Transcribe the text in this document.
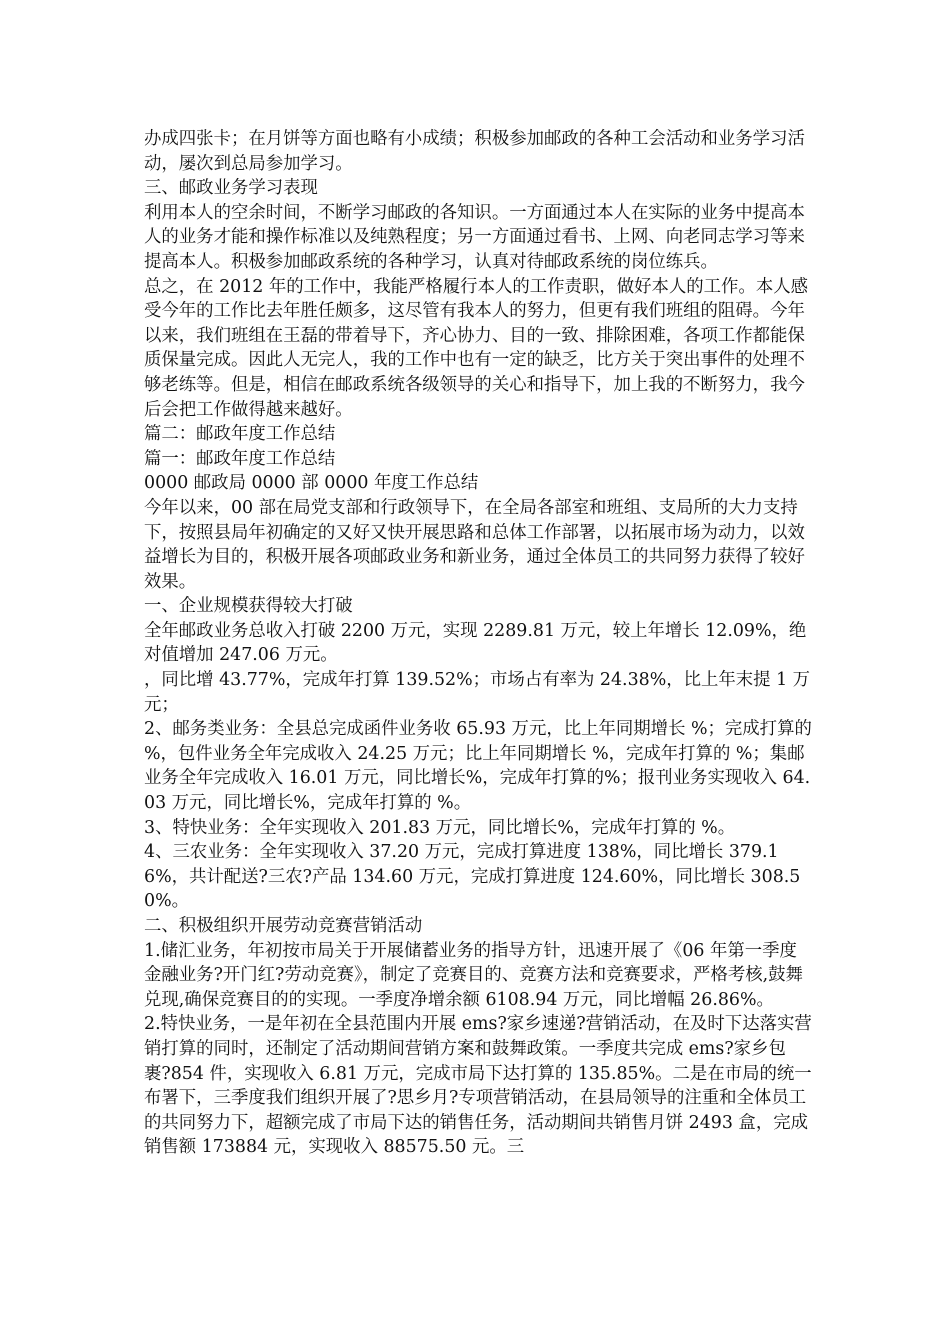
办成四张卡；在月饼等方面也略有小成绩；积极参加邮政的各种工会活动和业务学习活动，屡次到总局参加学习。

三、邮政业务学习表现

利用本人的空余时间，不断学习邮政的各知识。一方面通过本人在实际的业务中提高本人的业务才能和操作标准以及纯熟程度；另一方面通过看书、上网、向老同志学习等来提高本人。积极参加邮政系统的各种学习，认真对待邮政系统的岗位练兵。

总之，在 2012 年的工作中，我能严格履行本人的工作责职，做好本人的工作。本人感受今年的工作比去年胜任颇多，这尽管有我本人的努力，但更有我们班组的阻碍。今年以来，我们班组在王磊的带着导下，齐心协力、目的一致、排除困难，各项工作都能保质保量完成。因此人无完人，我的工作中也有一定的缺乏，比方关于突出事件的处理不够老练等。但是，相信在邮政系统各级领导的关心和指导下，加上我的不断努力，我今后会把工作做得越来越好。

篇二：邮政年度工作总结

篇一：邮政年度工作总结

0000 邮政局 0000 部 0000 年度工作总结

今年以来，00 部在局党支部和行政领导下，在全局各部室和班组、支局所的大力支持下，按照县局年初确定的又好又快开展思路和总体工作部署，以拓展市场为动力，以效益增长为目的，积极开展各项邮政业务和新业务，通过全体员工的共同努力获得了较好效果。

一、企业规模获得较大打破

全年邮政业务总收入打破 2200 万元，实现 2289.81 万元，较上年增长 12.09%，绝对值增加 247.06 万元。

，同比增 43.77%，完成年打算 139.52%；市场占有率为 24.38%，比上年末提 1 万元；

2、邮务类业务：全县总完成函件业务收 65.93 万元，比上年同期增长 %；完成打算的 %，包件业务全年完成收入 24.25 万元；比上年同期增长 %，完成年打算的 %；集邮业务全年完成收入 16.01 万元，同比增长%，完成年打算的%；报刊业务实现收入 64.03 万元，同比增长%，完成年打算的 %。

3、特快业务：全年实现收入 201.83 万元，同比增长%，完成年打算的 %。

4、三农业务：全年实现收入 37.20 万元，完成打算进度 138%，同比增长 379.16%，共计配送?三农?产品 134.60 万元，完成打算进度 124.60%，同比增长 308.50%。

二、积极组织开展劳动竞赛营销活动

1.储汇业务，年初按市局关于开展储蓄业务的指导方针，迅速开展了《06 年第一季度金融业务?开门红?劳动竞赛》，制定了竞赛目的、竞赛方法和竞赛要求，严格考核,鼓舞兑现,确保竞赛目的的实现。一季度净增余额 6108.94 万元，同比增幅 26.86%。

2.特快业务，一是年初在全县范围内开展 ems?家乡速递?营销活动，在及时下达落实营销打算的同时，还制定了活动期间营销方案和鼓舞政策。一季度共完成 ems?家乡包裹?854 件，实现收入 6.81 万元，完成市局下达打算的 135.85%。二是在市局的统一布署下，三季度我们组织开展了?思乡月?专项营销活动，在县局领导的注重和全体员工的共同努力下，超额完成了市局下达的销售任务，活动期间共销售月饼 2493 盒，完成销售额 173884 元，实现收入 88575.50 元。三
